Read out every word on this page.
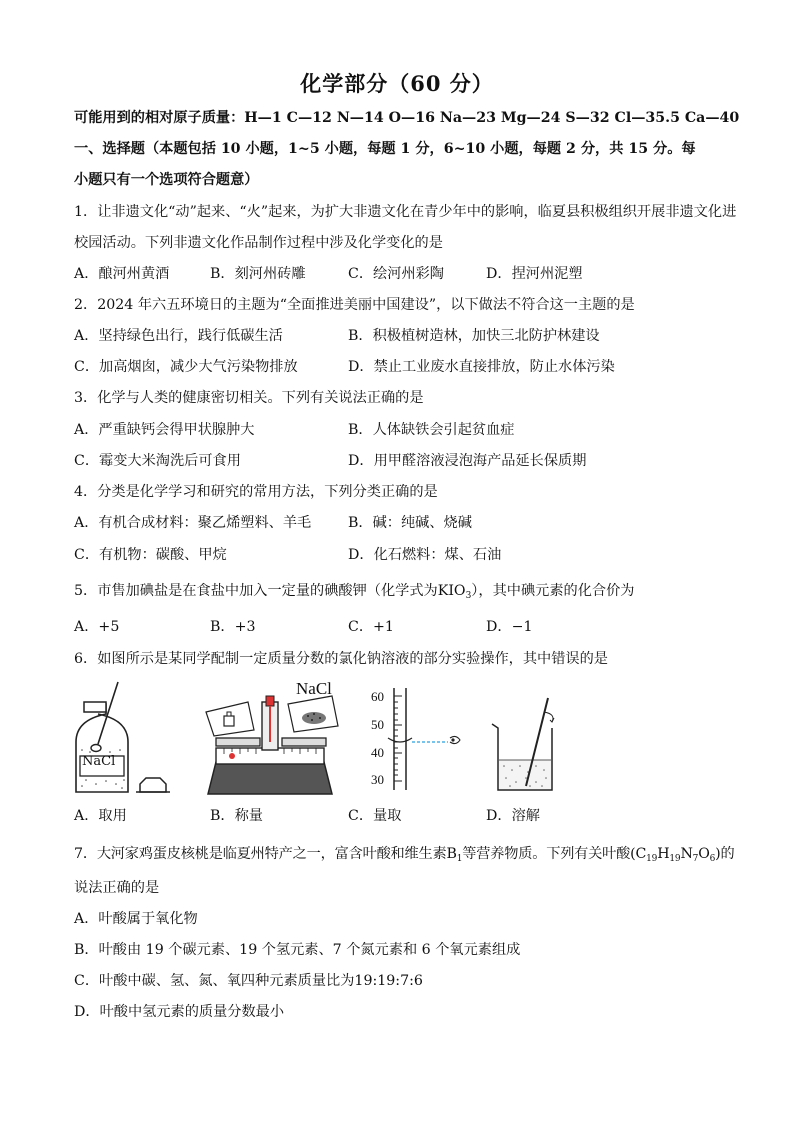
化学部分（60 分）
可能用到的相对原子质量：H—1 C—12 N—14 O—16 Na—23 Mg—24 S—32 Cl—35.5 Ca—40
一、选择题（本题包括 10 小题，1~5 小题，每题 1 分，6~10 小题，每题 2 分，共 15 分。每
小题只有一个选项符合题意）
1．让非遗文化“动”起来、“火”起来，为扩大非遗文化在青少年中的影响，临夏县积极组织开展非遗文化进
校园活动。下列非遗文化作品制作过程中涉及化学变化的是
A．酿河州黄酒	B．刻河州砖雕	C．绘河州彩陶	D．捏河州泥塑
2．2024 年六五环境日的主题为“全面推进美丽中国建设”，以下做法不符合这一主题的是
A．坚持绿色出行，践行低碳生活	B．积极植树造林，加快三北防护林建设
C．加高烟囱，减少大气污染物排放	D．禁止工业废水直接排放，防止水体污染
3．化学与人类的健康密切相关。下列有关说法正确的是
A．严重缺钙会得甲状腺肿大	B．人体缺铁会引起贫血症
C．霉变大米淘洗后可食用	D．用甲醛溶液浸泡海产品延长保质期
4．分类是化学学习和研究的常用方法，下列分类正确的是
A．有机合成材料：聚乙烯塑料、羊毛	B．碱：纯碱、烧碱
C．有机物：碳酸、甲烷	D．化石燃料：煤、石油
5．市售加碘盐是在食盐中加入一定量的碘酸钾（化学式为$KIO_3$），其中碘元素的化合价为
A．+5	B．+3	C．+1	D．−1
6．如图所示是某同学配制一定质量分数的氯化钠溶液的部分实验操作，其中错误的是
NaCl
NaCl	60
50
40
30
A．取用	B．称量	C．量取	D．溶解
7．大河家鸡蛋皮核桃是临夏州特产之一，富含叶酸和维生素$B_1$等营养物质。下列有关叶酸$(C_{19}H_{19}N_7O_6)$的
说法正确的是
A．叶酸属于氧化物
B．叶酸由 19 个碳元素、19 个氢元素、7 个氮元素和 6 个氧元素组成
C．叶酸中碳、氢、氮、氧四种元素质量比为19:19:7:6
D．叶酸中氢元素的质量分数最小
